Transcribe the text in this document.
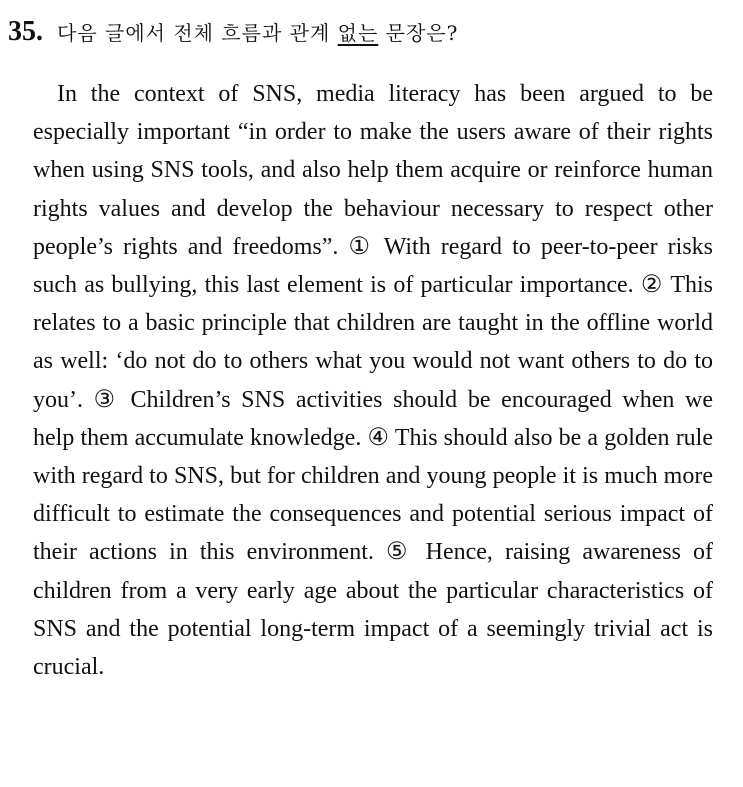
35. 다음 글에서 전체 흐름과 관계 없는 문장은?

In the context of SNS, media literacy has been argued to be especially important “in order to make the users aware of their rights when using SNS tools, and also help them acquire or reinforce human rights values and develop the behaviour necessary to respect other people’s rights and freedoms”. ① With regard to peer-to-peer risks such as bullying, this last element is of particular importance. ② This relates to a basic principle that children are taught in the offline world as well: ‘do not do to others what you would not want others to do to you’. ③ Children’s SNS activities should be encouraged when we help them accumulate knowledge. ④ This should also be a golden rule with regard to SNS, but for children and young people it is much more difficult to estimate the consequences and potential serious impact of their actions in this environment. ⑤ Hence, raising awareness of children from a very early age about the particular characteristics of SNS and the potential long-term impact of a seemingly trivial act is crucial.
